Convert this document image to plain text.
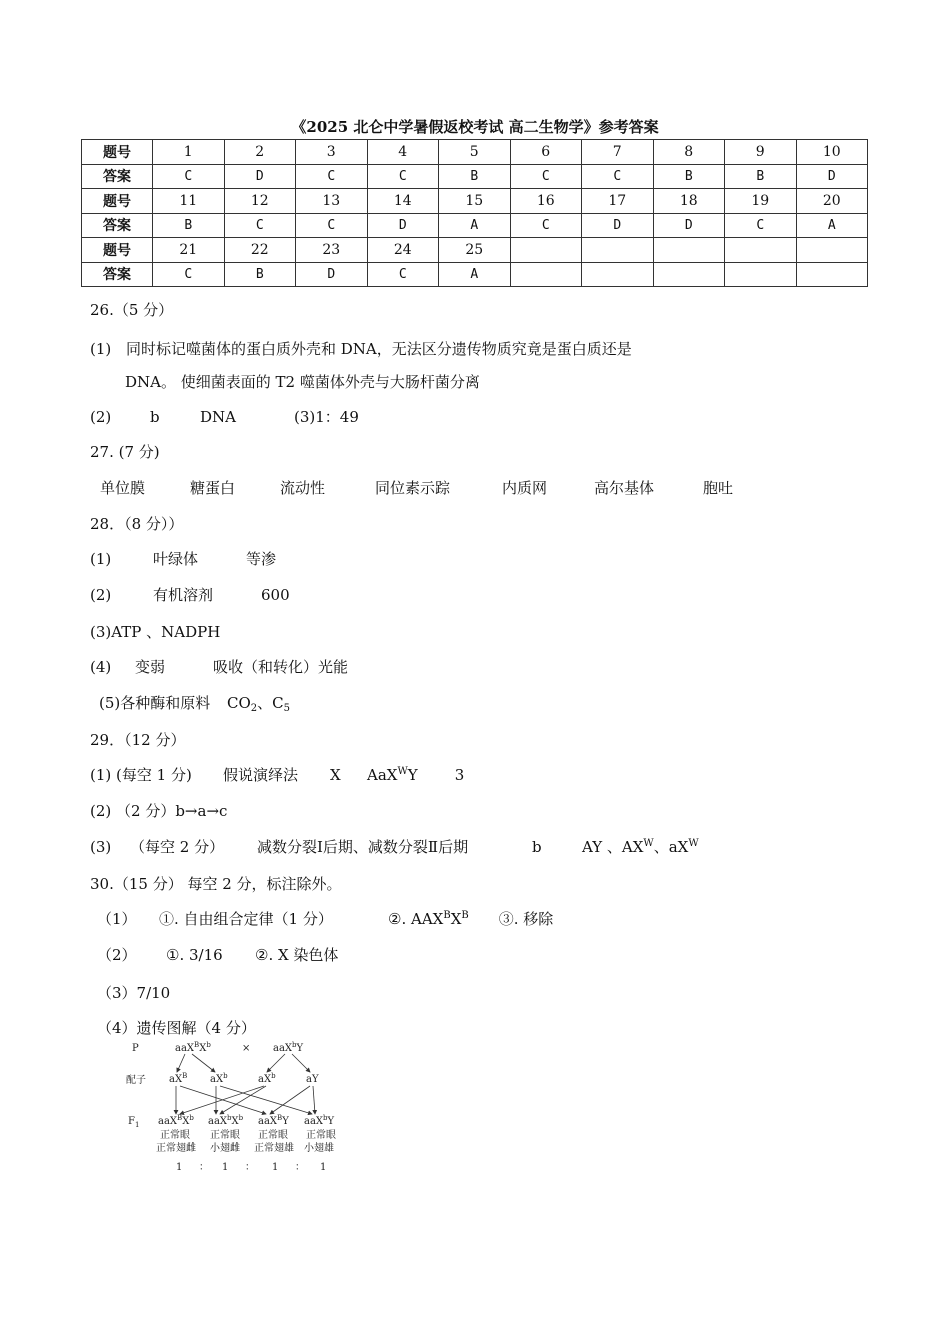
《2025 北仑中学暑假返校考试 高二生物学》参考答案
题号	1	2	3	4	5	6	7	8	9	10
答案	C	D	C	C	B	C	C	B	B	D
题号	11	12	13	14	15	16	17	18	19	20
答案	B	C	C	D	A	C	D	D	C	A
题号	21	22	23	24	25					
答案	C	B	D	C	A					
26.（5 分）
(1) 同时标记噬菌体的蛋白质外壳和 DNA，无法区分遗传物质究竟是蛋白质还是
DNA。 使细菌表面的 T2 噬菌体外壳与大肠杆菌分离
(2)	b	DNA	(3)1：49
27. (7 分)
单位膜	糖蛋白	流动性	同位素示踪	内质网	高尔基体	胞吐
28．（8 分））
(1)	叶绿体	等渗
(2)	有机溶剂	600
(3)ATP 、NADPH
(4) 变弱	吸收（和转化）光能
(5)各种酶和原料 $CO_2$、$C_5$
29．（12 分）
(1) (每空 1 分) 假说演绎法 X AaX$^W$Y 3
(2) （2 分）b→a→c
(3) （每空 2 分） 减数分裂Ⅰ后期、减数分裂Ⅱ后期	b	AY 、$AX^W$、$aX^W$
30.（15 分） 每空 2 分，标注除外。
（1） ①. 自由组合定律（1 分）	②. $AAX^BX^B$ ③. 移除
（2） ①. 3/16 ②. X 染色体
（3）7/10
（4）遗传图解（4 分）
P	$aaX^BX^b$	× aaX$^b$Y
配子 $aX^B$ $aX^b$	$aX^b$	aY
$F_1$ $aaX^BX^b$
正常眼
正常翅雌
$aaX^bX^b$
正常眼
小翅雌
aaX$^B$Y
正常眼
正常翅雄
aaX$^b$Y
正常眼
小翅雄
1 ： 1 ： 1 ： 1
